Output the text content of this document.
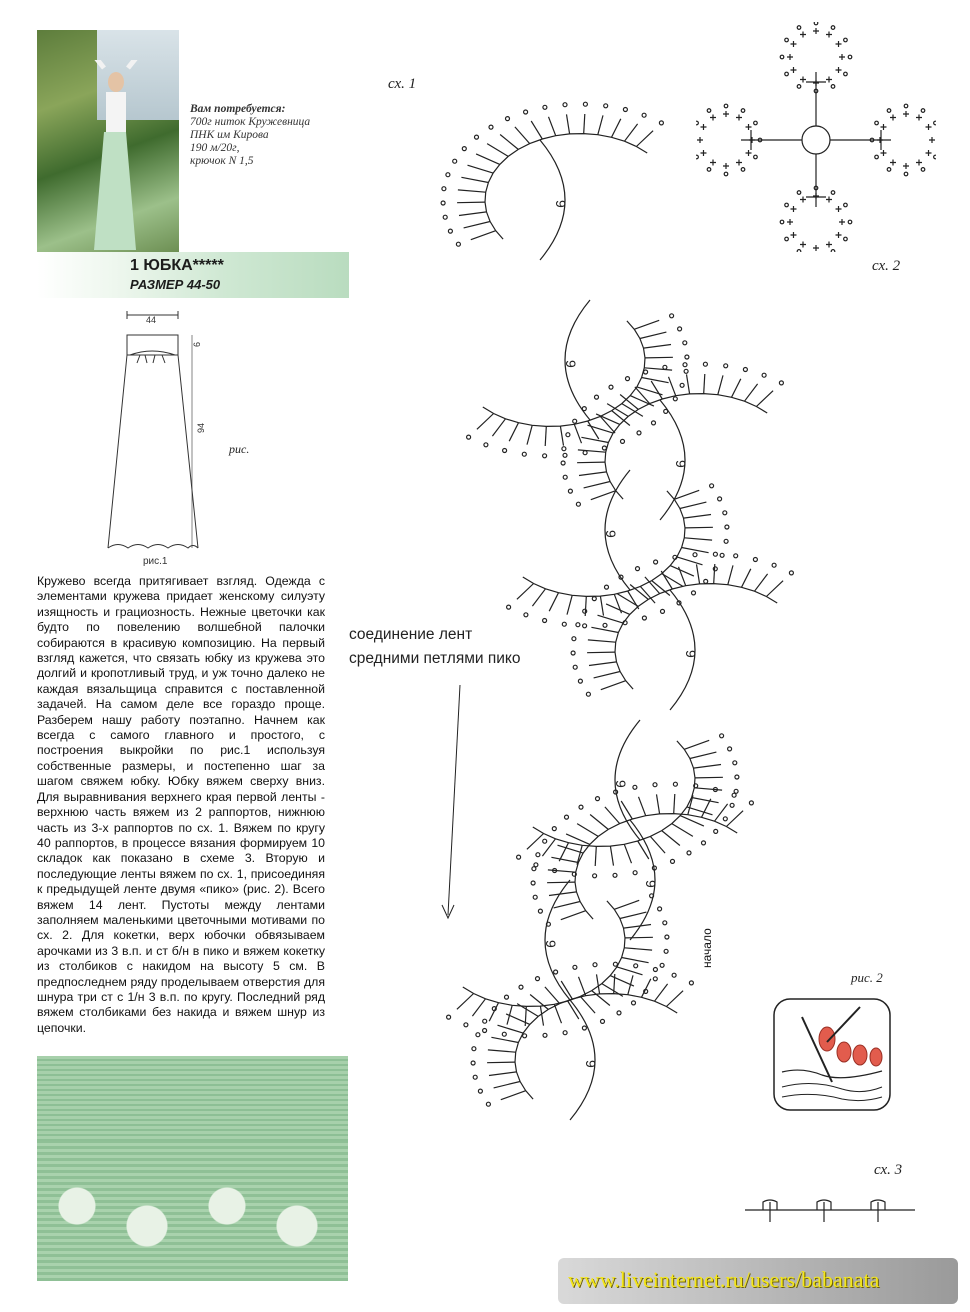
Вам потребуется:
700г ниток Кружевница
ПНК им Кирова
190 м/20г,
крючок N 1,5
1 ЮБКА*****
РАЗМЕР 44-50
44
6
94
рис.
рис.1

Кружево всегда притягивает взгляд. Одежда с элементами кружева придает женскому силуэту изящность и грациозность. Нежные цветочки как будто по повелению волшебной палочки собираются в красивую композицию. На первый взгляд кажется, что связать юбку из кружева это долгий и кропотливый труд, и уж точно далеко не каждая вязальщица справится с поставленной задачей. На самом деле все гораздо проще. Разберем нашу работу поэтапно. Начнем как всегда с самого главного и простого, с построения выкройки по рис.1 используя собственные размеры, и постепенно шаг за шагом свяжем юбку. Юбку вяжем сверху вниз. Для выравнивания верхнего края первой ленты - верхнюю часть вяжем из 2 раппортов, нижнюю часть из 3-х раппортов по сх. 1. Вяжем по кругу 40 раппортов, в процессе вязания формируем 10 складок как показано в схеме 3. Вторую и последующие ленты вяжем по сх. 1, присоединяя к предыдущей ленте двумя «пико» (рис. 2). Всего вяжем 14 лент. Пустоты между лентами заполняем маленькими цветочными мотивами по сх. 2. Для кокетки, верх юбочки обвязываем арочками из 3 в.п. и ст б/н в пико и вяжем кокетку из столбиков с накидом на высоту 5 см. В предпоследнем ряду проделываем отверстия для шнура три ст с 1/н 3 в.п. по кругу. Последний ряд вяжем столбиками без накида и вяжем шнур из цепочки.

сх. 1
сх. 2
сх. 3
рис. 2
соединение лент средними петлями пико
начало
9
9
9
9
9
9
9
9
9
www.liveinternet.ru/users/babanata
